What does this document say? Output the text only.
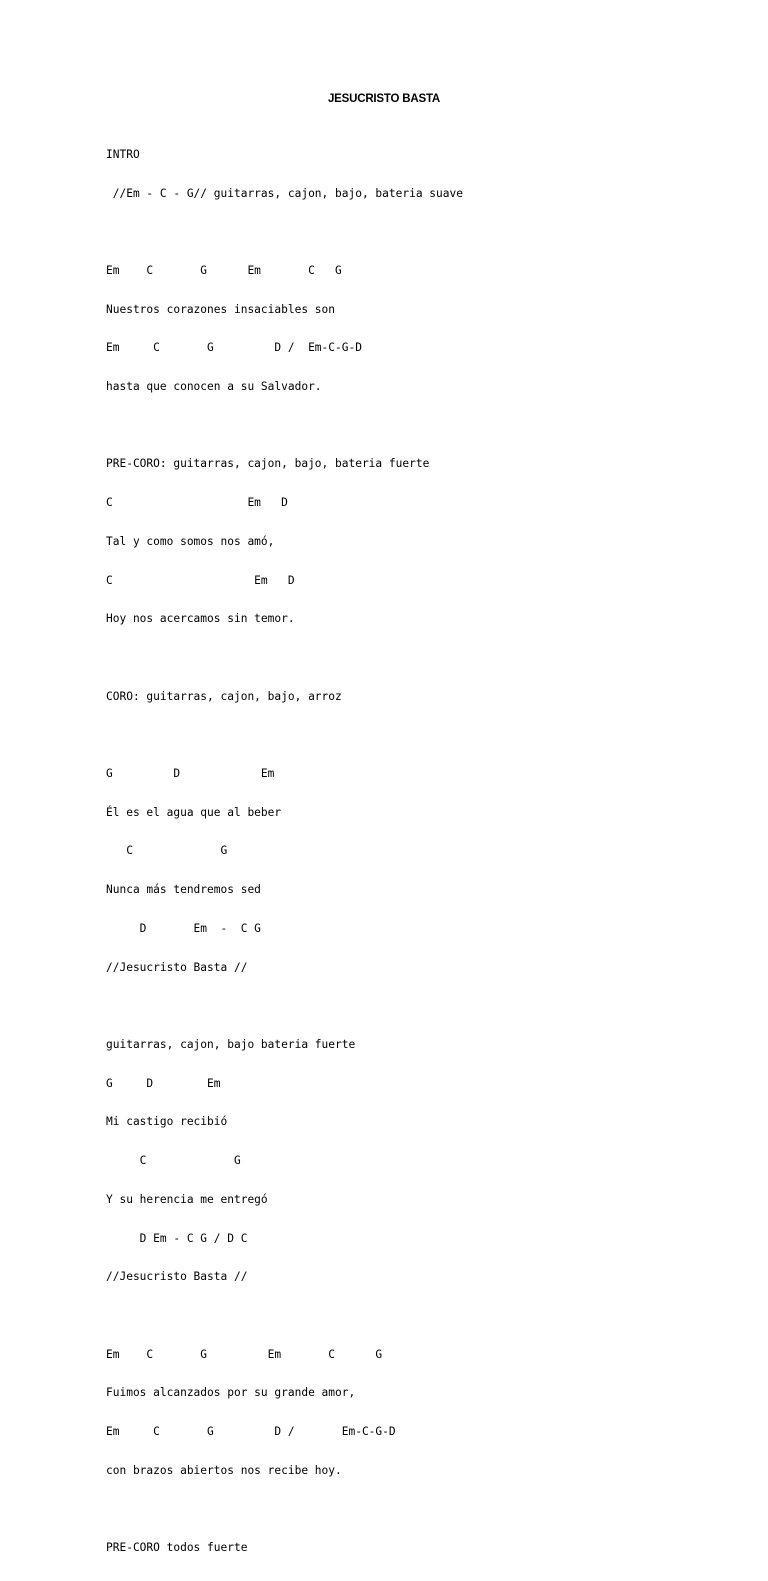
JESUCRISTO BASTA

INTRO

//Em - C - G// guitarras, cajon, bajo, bateria suave

Em    C       G      Em       C   G

Nuestros corazones insaciables son

Em     C       G         D /  Em-C-G-D

hasta que conocen a su Salvador.

PRE-CORO: guitarras, cajon, bajo, bateria fuerte

C                    Em   D

Tal y como somos nos amó,

C                     Em   D

Hoy nos acercamos sin temor.

CORO: guitarras, cajon, bajo, arroz

G         D            Em

Él es el agua que al beber

C             G

Nunca más tendremos sed

D       Em  -  C G

//Jesucristo Basta //

guitarras, cajon, bajo bateria fuerte

G     D        Em

Mi castigo recibió

C             G

Y su herencia me entregó

D Em - C G / D C

//Jesucristo Basta //

Em    C       G         Em       C      G

Fuimos alcanzados por su grande amor,

Em     C       G         D /       Em-C-G-D

con brazos abiertos nos recibe hoy.

PRE-CORO todos fuerte
